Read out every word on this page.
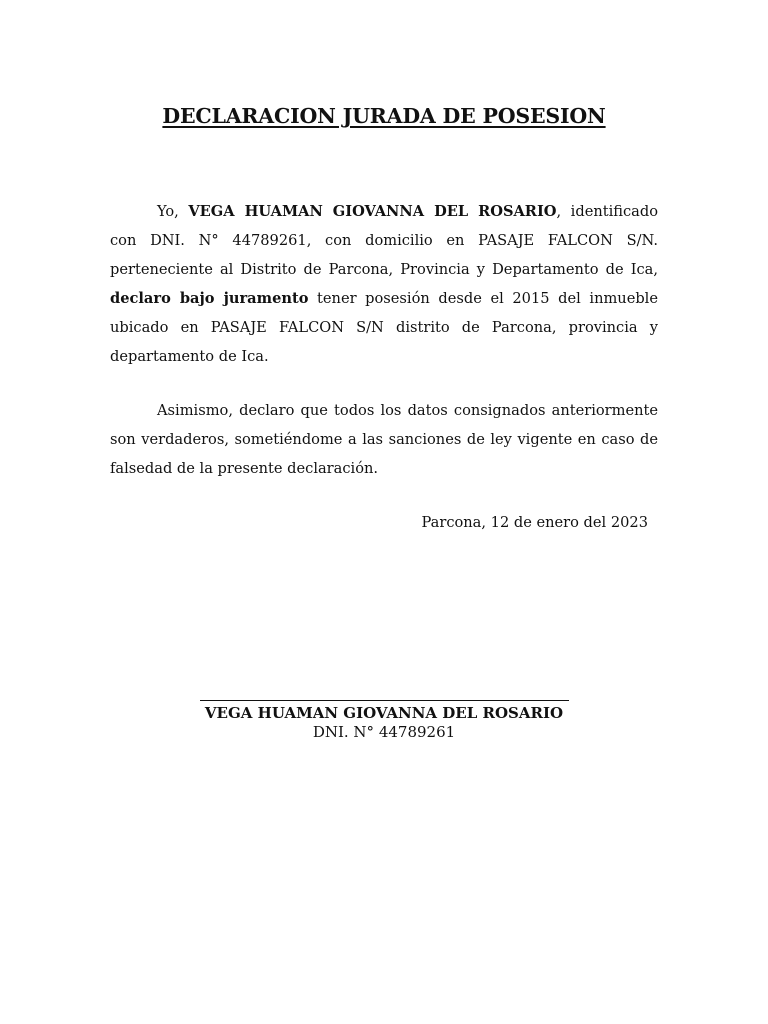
DECLARACION JURADA DE POSESION

Yo, VEGA HUAMAN GIOVANNA DEL ROSARIO, identificado con DNI. N° 44789261, con domicilio en PASAJE FALCON S/N. perteneciente al Distrito de Parcona, Provincia y Departamento de Ica, declaro bajo juramento tener posesión desde el 2015 del inmueble ubicado en PASAJE FALCON S/N distrito de Parcona, provincia y departamento de Ica.

Asimismo, declaro que todos los datos consignados anteriormente son verdaderos, sometiéndome a las sanciones de ley vigente en caso de falsedad de la presente declaración.

Parcona, 12 de enero del 2023
VEGA HUAMAN GIOVANNA DEL ROSARIO
DNI. N° 44789261
